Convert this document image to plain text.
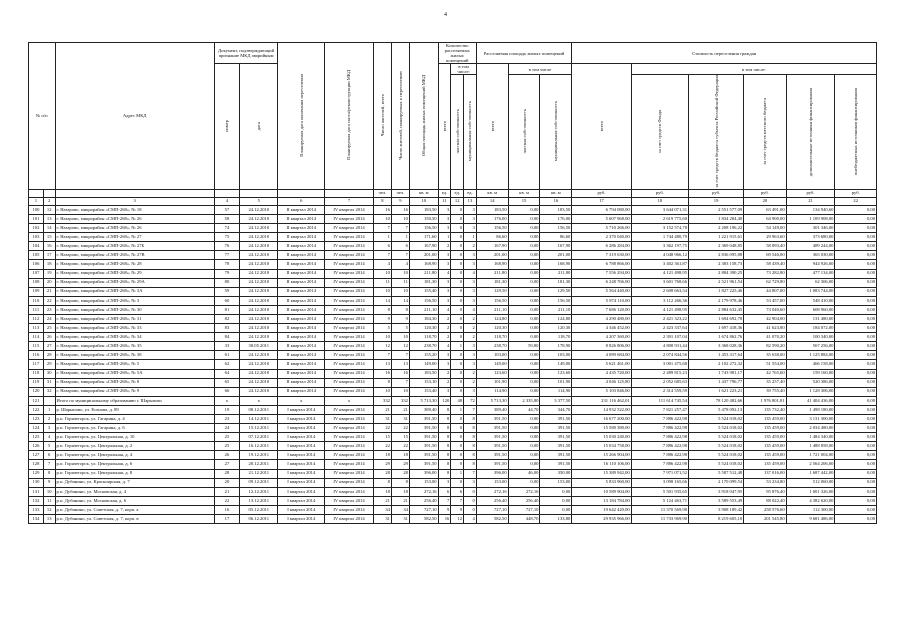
4
№ п/п		Адрес МКД	Документ, подтверждающий признание МКД аварийным		Планируемая дата окончания переселения	Планируемая дата сноса/реконструкции МКД	Число жителей, всего	Число жителей, планируемых к переселению	Общая площадь жилых помещений МКД	Количество расселяемых жилых помещений			Расселяемая площадь жилых помещений			Стоимость переселения граждан					
			номер	дата						всего	в том числе:		всего	в том числе		всего	в том числе:				
											частная собственность	муниципальная собственность		частная собственность	муниципальная собственность		за счет средств Фонда	за счет средств бюджета субъекта Российской Федерации	за счет средств местного бюджета	дополнительные источники финансирования	внебюджетных источников финансирования
							чел.	чел.	кв. м	ед.	ед.	ед.	кв. м	кв. м	кв. м	руб.	руб.	руб.	руб.	руб.	руб.
1	2	3	4	5	6	7	8	9	10	11	12	13	14	15	16	17	18	19	20	21	22
100	12	г. Назарово, микрорайон «СМП-268», № 18	57	24.12.2010	II квартал 2014	IV квартал 2014	16	16	183,50	3	0	3	183,50	0,00	183,50	6 794 080,00	3 644 071,31	2 551 577,09	63 491,00	134 940,60	0,00
101	13	г. Назарово, микрорайон «СМП-268», № 26	58	24.12.2010	II квартал 2014	IV квартал 2014	10	10	150,50	3	0	3	176,00	0,00	176,00	5 607 968,00	2 619 775,60	1 834 284,40	64 900,00	1 109 908,00	0,00
102	14	г. Назарово, микрорайон «СМП-268», № 26	74	24.12.2010	II квартал 2014	IV квартал 2014	7	7	156,50	3	0	3	156,50	0,00	156,50	5 710 266,00	3 152 574,78	2 208 196,22	54 149,00	301 346,00	0,00
103	15	г. Назарово, микрорайон «СМП-268», № 27	75	24.12.2010	II квартал 2014	IV квартал 2014	1	1	171,60	1	0	1	86,60	0,00	86,60	2 370 040,00	1 744 480,79	1 221 915,61	29 963,60	373 680,00	0,00
104	16	г. Назарово, микрорайон «СМП-268», № 27Б	76	24.12.2010	II квартал 2014	IV квартал 2014	6	6	167,90	2	0	2	167,90	0,00	167,90	6 286 284,00	3 362 197,75	2 369 048,85	58 093,40	489 244,00	0,00
105	17	г. Назарово, микрорайон «СМП-268», № 27В	77	24.12.2010	II квартал 2014	IV квартал 2014	7	7	201,00	3	0	3	201,00	0,00	201,00	7 319 630,00	4 048 966,12	2 836 095,88	69 546,00	365 030,00	0,00
106	18	г. Назарово, микрорайон «СМП-268», № 28	78	24.12.2010	II квартал 2014	IV квартал 2014	4	4	168,90	3	0	3	168,90	0,00	168,90	6 788 866,00	3 402 361,87	2 383 158,73	58 439,40	944 926,00	0,00
107	19	г. Назарово, микрорайон «СМП-268», № 29	79	24.12.2010	II квартал 2014	IV квартал 2014	10	10	211,80	4	0	4	211,80	0,00	211,80	7 556 294,00	4 121 498,95	2 884 390,25	73 282,80	477 134,00	0,00
108	20	г. Назарово, микрорайон «СМП-268», № 29А	80	24.12.2010	II квартал 2014	IV квартал 2014	11	11	181,30	3	0	3	181,30	0,00	181,30	6 248 766,00	3 601 768,66	2 521 961,54	62 729,80	62 306,00	0,00
109	21	г. Назарово, микрорайон «СМП-268», № 3А	59	24.12.2010	II квартал 2014	IV квартал 2014	10	10	155,40	3	0	3	129,50	0,00	129,50	5 564 440,00	2 608 663,54	1 827 225,46	44 807,00	1 083 744,00	0,00
110	22	г. Назарово, микрорайон «СМП-268», № 3	60	24.12.2010	II квартал 2014	IV квартал 2014	14	14	156,50	3	0	3	156,50	0,00	156,50	5 874 110,00	3 112 266,36	2 179 978,46	53 457,00	548 410,00	0,00
111	23	г. Назарово, микрорайон «СМП-268», № 30	81	24.12.2010	II квартал 2014	IV квартал 2014	8	8	211,10	4	0	4	211,10	0,00	211,10	7 686 120,00	4 121 498,95	2 884 632,45	73 040,60	608 960,00	0,00
112	24	г. Назарово, микрорайон «СМП-268», № 31	82	24.12.2010	II квартал 2014	IV квартал 2014	9	9	184,30	2	0	2	124,80	0,00	124,80	4 290 480,00	2 421 323,22	1 694 692,78	42 904,00	131 480,00	0,00
113	25	г. Назарово, микрорайон «СМП-268», № 33	83	24.12.2010	II квартал 2014	IV квартал 2014	5	5	120,30	2	0	2	120,30	0,00	120,30	4 346 452,00	2 423 337,64	1 697 418,36	41 623,80	184 072,00	0,00
114	26	г. Назарово, микрорайон «СМП-268», № 34	84	24.12.2010	II квартал 2014	IV квартал 2014	10	10	118,70	2	0	2	118,70	0,00	118,70	4 207 360,00	2 391 107,04	1 674 862,76	41 070,20	100 340,00	0,00
115	27	г. Назарово, микрорайон «СМП-268», № 35	33	30.05.2011	II квартал 2014	IV квартал 2014	12	12	238,70	4	1	3	238,70	59,80	178,90	8 826 806,00	4 808 931,44	3 368 028,36	82 590,20	567 256,00	0,00
116	28	г. Назарово, микрорайон «СМП-268», № 38	61	24.12.2010	II квартал 2014	IV квартал 2014	7	7	155,20	3	0	3	103,00	0,00	103,00	4 089 684,00	2 074 844,56	1 453 317,64	35 638,00	1 125 884,00	0,00
117	29	г. Назарово, микрорайон «СМП-268», № 5	62	24.12.2010	II квартал 2014	IV квартал 2014	13	13	149,00	3	0	3	149,00	0,00	149,00	5 621 461,00	3 001 475,68	2 102 272,32	51 554,00	466 158,00	0,00
118	30	г. Назарово, микрорайон «СМП-268», № 5А	64	24.12.2010	II квартал 2014	IV квартал 2014	16	16	183,50	2	0	2	123,60	0,00	123,60	4 435 720,00	2 489 815,23	1 743 981,17	42 765,60	159 160,00	0,00
119	31	г. Назарово, микрорайон «СМП-268», № 8	65	24.12.2010	II квартал 2014	IV квартал 2014	8	7	153,10	2	0	2	101,90	0,00	101,90	4 046 125,80	2 052 685,63	1 437 796,77	35 257,40	520 386,00	0,00
120	32	г. Назарово, микрорайон «СМП-268», № 9	66	24.12.2010	II квартал 2014	IV квартал 2014	10	10	153,40	3	0	3	114,90	0,00	114,90	5 103 846,00	2 314 559,59	1 621 223,21	39 755,40	1 128 306,00	0,00
121		Итого по муниципальному образованию г. Шарыпово	x	x	x	x	332	332	5 713,30	120	48	72	5 713,30	2 335,80	3 377,50	231 116 462,01	111 614 745,54	78 120 482,66	1 976 801,81	41 404 436,00	0,00
122	1	р. Шарыпово, ул. Есенова, д. 89	19	08.12.2011	I квартал 2014	IV квартал 2014	21	21	389,40	8	1	7	389,40	44,70	344,70	14 932 522,00	7 821 257,47	5 478 092,13	135 732,40	1 498 180,00	0,00
123	2	р.п. Горячегорск, ул. Гагарина, д. 4	23	14.12.2011	I квартал 2014	IV квартал 2014	31	31	391,50	8	0	8	391,50	0,00	391,50	16 677 200,00	7 886 422,98	5 524 018,02	135 459,00	3 131 300,00	0,00
124	3	р.п. Горячегорск, ул. Гагарина, д. 6	24	15.12.2011	I квартал 2014	IV квартал 2014	22	22	391,50	8	0	8	391,50	0,00	391,50	15 580 380,00	7 886 422,98	5 524 018,02	135 459,00	2 034 480,00	0,00
125	4	р.п. Горячегорск, ул. Центральная, д. 10	25	07.12.2011	I квартал 2014	IV квартал 2014	15	15	391,50	8	0	8	391,50	0,00	391,50	15 030 240,00	7 886 422,98	5 524 018,02	135 459,00	1 484 340,00	0,00
126	5	р.п. Горячегорск, ул. Центральная, д. 2	25	16.12.2011	I квартал 2014	IV квартал 2014	22	22	391,50	8	0	8	391,50	0,00	391,50	15 034 758,00	7 886 422,98	5 524 018,02	135 459,00	1 488 858,00	0,00
127	6	р.п. Горячегорск, ул. Центральная, д. 4	26	19.12.2011	I квартал 2014	IV квартал 2014	18	18	391,50	8	0	8	391,50	0,00	391,50	15 266 904,00	7 886 422,98	5 524 018,02	135 459,00	1 721 004,00	0,00
128	7	р.п. Горячегорск, ул. Центральная, д. 6	27	20.12.2011	I квартал 2014	IV квартал 2014	29	29	391,50	8	0	8	391,50	0,00	391,50	16 110 106,00	7 886 422,98	5 524 018,02	135 459,00	2 564 206,00	0,00
129	8	р.п. Горячегорск, ул. Центральная, д. 8	28	21.12.2011	I квартал 2014	IV квартал 2014	28	28	396,00	8	1	7	396,00	46,00	350,00	15 389 942,00	7 971 071,52	5 587 512,48	137 016,00	1 687 442,00	0,00
130	9	р.п. Дубинино, ул. Красноярская, д. 7	20	09.12.2011	I квартал 2014	IV квартал 2014	8	8	153,00	3	0	3	153,00	0,00	153,00	5 833 960,00	3 098 165,66	2 170 099,54	53 234,80	512 060,00	0,00
131	10	р.п. Дубинино, ул. Московская, д. 4	21	12.12.2011	I квартал 2014	IV квартал 2014	18	18	272,16	6	6	0	272,16	272,16	0,00	10 589 904,00	5 501 935,65	3 918 047,95	95 876,40	1 001 326,00	0,00
132	11	р.п. Дубинино, ул. Московская, д. 6	22	13.12.2011	I квартал 2014	IV квартал 2014	21	21	256,40	7	7	0	256,40	256,40	0,00	13 184 784,00	5 124 463,71	3 589 553,49	88 022,40	4 382 620,00	0,00
133	12	р.п. Дубинино, ул. Советская, д. 7, корп. а	16	05.12.2011	I квартал 2014	IV квартал 2014	34	34	727,10	9	9	0	727,10	727,10	0,00	19 642 420,00	11 370 569,98	3 908 189,42	258 576,60	112 300,00	0,00
134	13	р.п. Дубинино, ул. Советская, д. 7, корп. в	17	06.12.2011	I квартал 2014	IV квартал 2014	31	31	582,50	16	12	4	582,50	448,70	133,80	29 935 966,00	11 733 969,90	8 219 605,10	201 545,80	9 681 486,00	0,00
